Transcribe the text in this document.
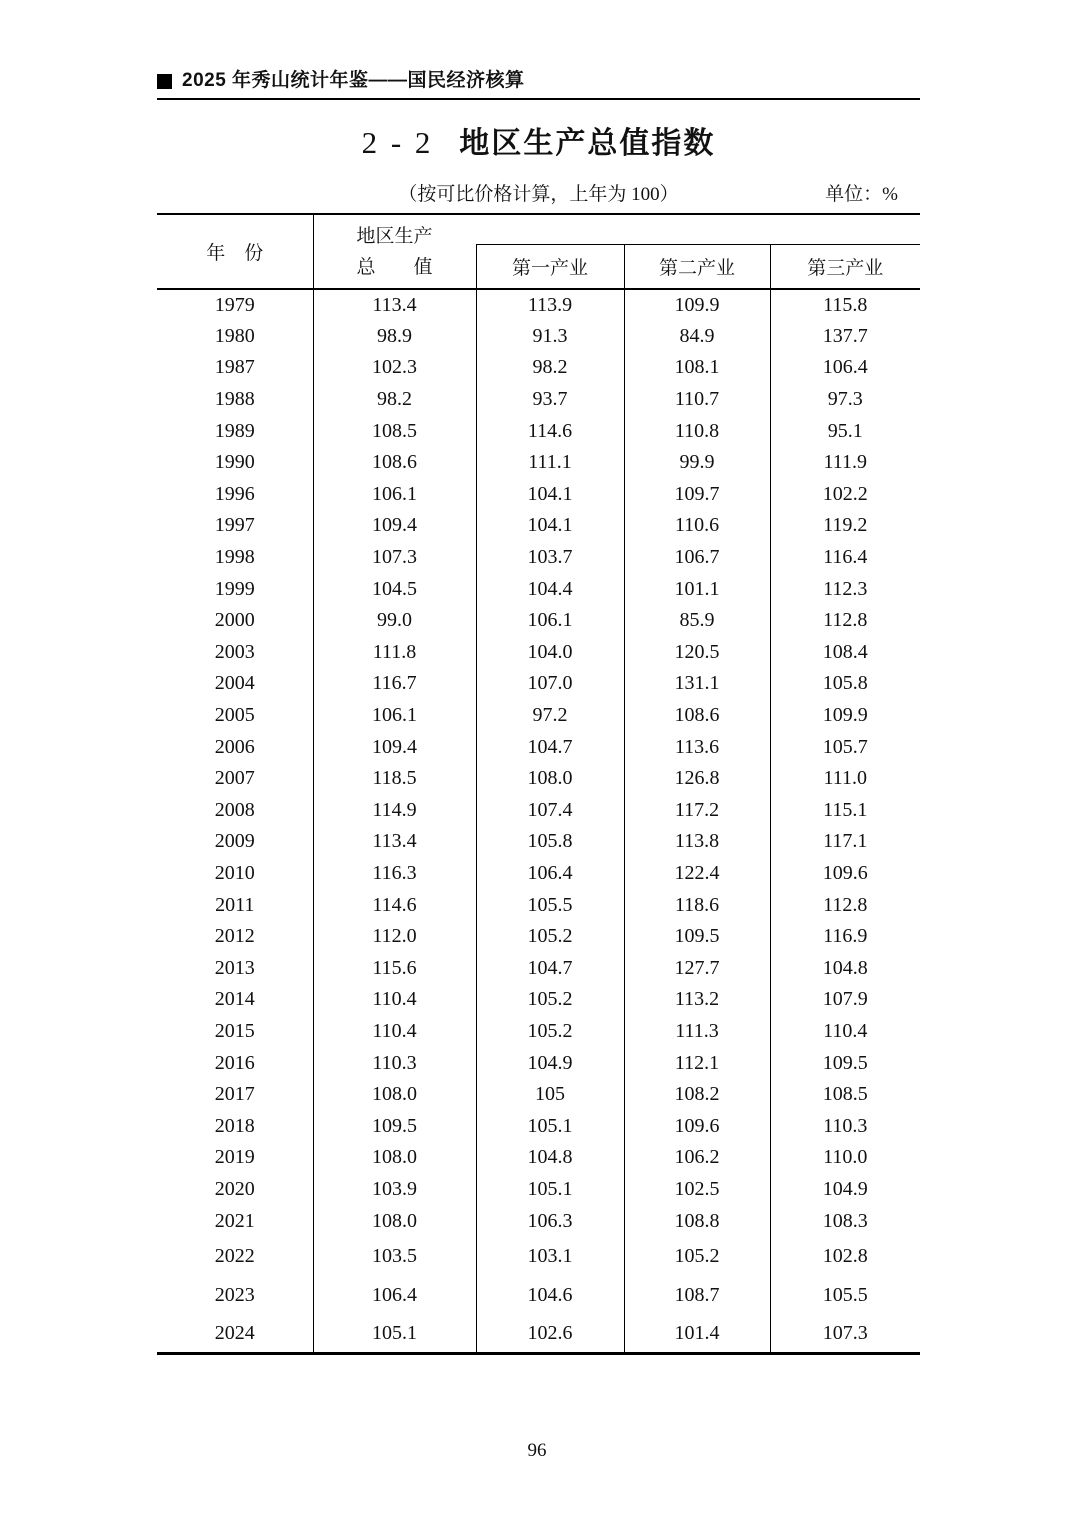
2025 年秀山统计年鉴——国民经济核算
2 - 2 地区生产总值指数
（按可比价格计算，上年为 100）	单位：%
年　份	地区生产
总　　值			

		第一产业	第二产业	第三产业
1979	113.4	113.9	109.9	115.8
1980	98.9	91.3	84.9	137.7
1987	102.3	98.2	108.1	106.4
1988	98.2	93.7	110.7	97.3
1989	108.5	114.6	110.8	95.1
1990	108.6	111.1	99.9	111.9
1996	106.1	104.1	109.7	102.2
1997	109.4	104.1	110.6	119.2
1998	107.3	103.7	106.7	116.4
1999	104.5	104.4	101.1	112.3
2000	99.0	106.1	85.9	112.8
2003	111.8	104.0	120.5	108.4
2004	116.7	107.0	131.1	105.8
2005	106.1	97.2	108.6	109.9
2006	109.4	104.7	113.6	105.7
2007	118.5	108.0	126.8	111.0
2008	114.9	107.4	117.2	115.1
2009	113.4	105.8	113.8	117.1
2010	116.3	106.4	122.4	109.6
2011	114.6	105.5	118.6	112.8
2012	112.0	105.2	109.5	116.9
2013	115.6	104.7	127.7	104.8
2014	110.4	105.2	113.2	107.9
2015	110.4	105.2	111.3	110.4
2016	110.3	104.9	112.1	109.5
2017	108.0	105	108.2	108.5
2018	109.5	105.1	109.6	110.3
2019	108.0	104.8	106.2	110.0
2020	103.9	105.1	102.5	104.9
2021	108.0	106.3	108.8	108.3
2022	103.5	103.1	105.2	102.8
2023	106.4	104.6	108.7	105.5
2024	105.1	102.6	101.4	107.3
96
